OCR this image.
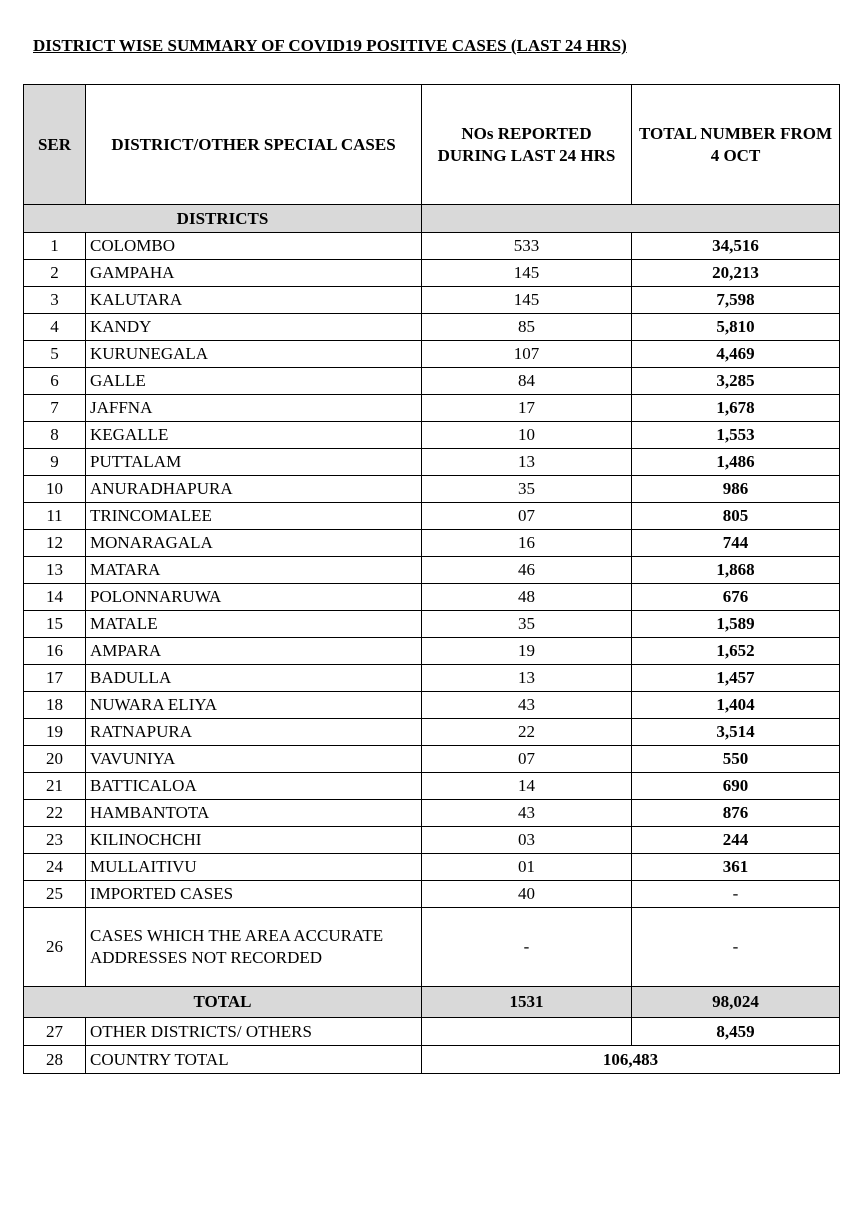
DISTRICT WISE SUMMARY OF COVID19 POSITIVE CASES (LAST 24 HRS)
SER	DISTRICT/OTHER SPECIAL CASES	NOs REPORTED DURING LAST 24 HRS	TOTAL NUMBER FROM 4 OCT
DISTRICTS			
1	COLOMBO	533	34,516
2	GAMPAHA	145	20,213
3	KALUTARA	145	7,598
4	KANDY	85	5,810
5	KURUNEGALA	107	4,469
6	GALLE	84	3,285
7	JAFFNA	17	1,678
8	KEGALLE	10	1,553
9	PUTTALAM	13	1,486
10	ANURADHAPURA	35	986
11	TRINCOMALEE	07	805
12	MONARAGALA	16	744
13	MATARA	46	1,868
14	POLONNARUWA	48	676
15	MATALE	35	1,589
16	AMPARA	19	1,652
17	BADULLA	13	1,457
18	NUWARA ELIYA	43	1,404
19	RATNAPURA	22	3,514
20	VAVUNIYA	07	550
21	BATTICALOA	14	690
22	HAMBANTOTA	43	876
23	KILINOCHCHI	03	244
24	MULLAITIVU	01	361
25	IMPORTED CASES	40	-
26	CASES WHICH THE AREA ACCURATE ADDRESSES NOT RECORDED	-	-
TOTAL		1531	98,024
27	OTHER DISTRICTS/ OTHERS		8,459
28	COUNTRY TOTAL	106,483	
